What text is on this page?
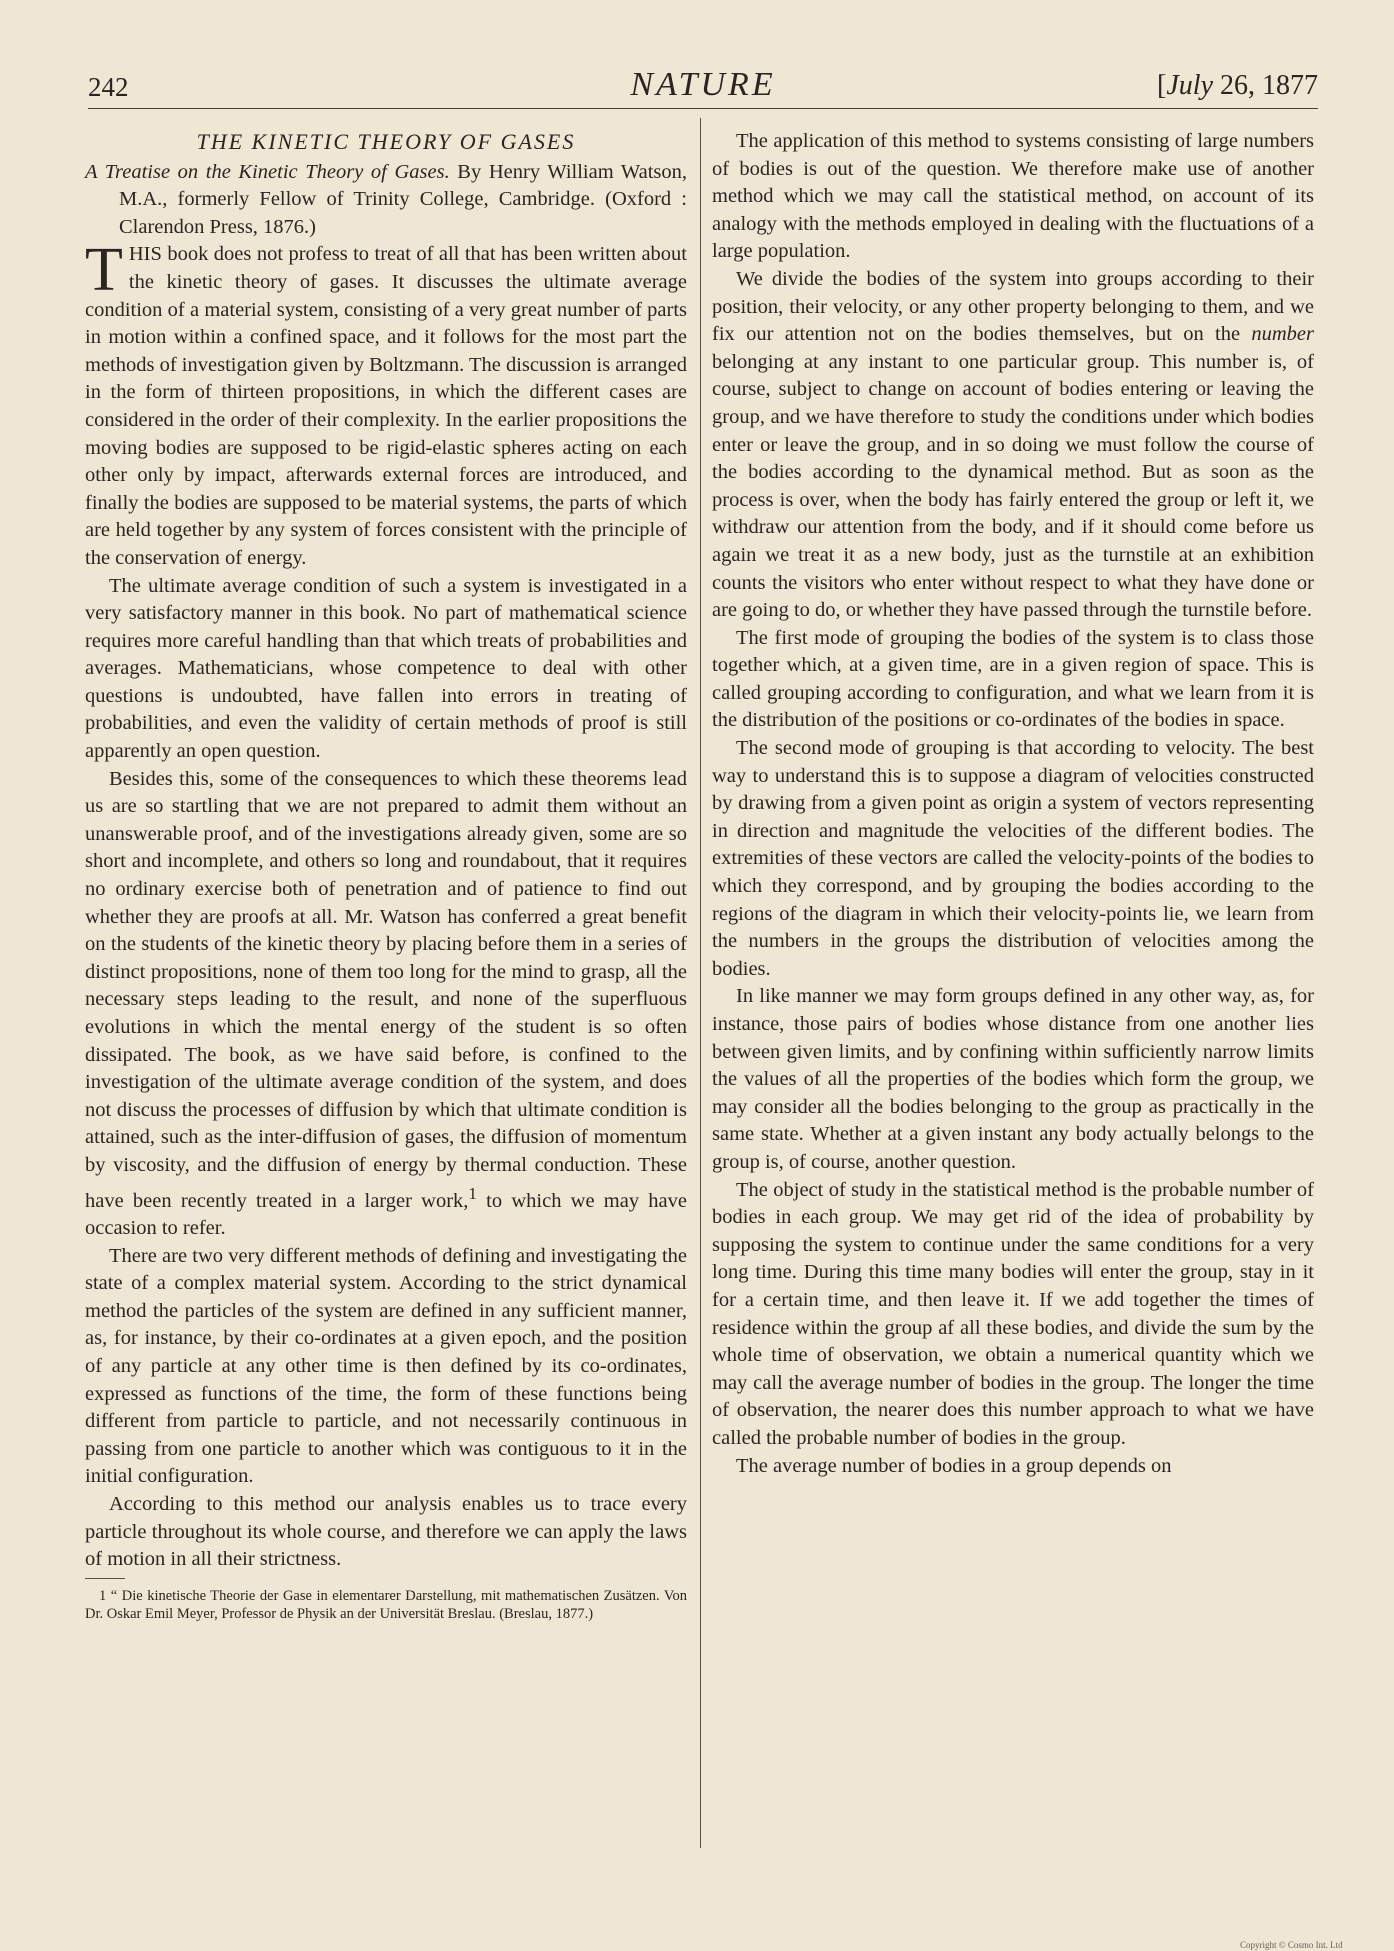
242	NATURE	[July 26, 1877
THE KINETIC THEORY OF GASES
A Treatise on the Kinetic Theory of Gases. By Henry William Watson, M.A., formerly Fellow of Trinity College, Cambridge. (Oxford : Clarendon Press, 1876.)

THIS book does not profess to treat of all that has been written about the kinetic theory of gases. It discusses the ultimate average condition of a material system, consisting of a very great number of parts in motion within a confined space, and it follows for the most part the methods of investigation given by Boltzmann. The discussion is arranged in the form of thirteen propositions, in which the different cases are considered in the order of their complexity. In the earlier propositions the moving bodies are supposed to be rigid-elastic spheres acting on each other only by impact, afterwards external forces are introduced, and finally the bodies are supposed to be material systems, the parts of which are held together by any system of forces consistent with the principle of the conservation of energy.

The ultimate average condition of such a system is investigated in a very satisfactory manner in this book. No part of mathematical science requires more careful handling than that which treats of probabilities and averages. Mathematicians, whose competence to deal with other questions is undoubted, have fallen into errors in treating of probabilities, and even the validity of certain methods of proof is still apparently an open question.

Besides this, some of the consequences to which these theorems lead us are so startling that we are not prepared to admit them without an unanswerable proof, and of the investigations already given, some are so short and incomplete, and others so long and roundabout, that it requires no ordinary exercise both of penetration and of patience to find out whether they are proofs at all. Mr. Watson has conferred a great benefit on the students of the kinetic theory by placing before them in a series of distinct propositions, none of them too long for the mind to grasp, all the necessary steps leading to the result, and none of the superfluous evolutions in which the mental energy of the student is so often dissipated. The book, as we have said before, is confined to the investigation of the ultimate average condition of the system, and does not discuss the processes of diffusion by which that ultimate condition is attained, such as the inter-diffusion of gases, the diffusion of momentum by viscosity, and the diffusion of energy by thermal conduction. These have been recently treated in a larger work,$^1$ to which we may have occasion to refer.

There are two very different methods of defining and investigating the state of a complex material system. According to the strict dynamical method the particles of the system are defined in any sufficient manner, as, for instance, by their co-ordinates at a given epoch, and the position of any particle at any other time is then defined by its co-ordinates, expressed as functions of the time, the form of these functions being different from particle to particle, and not necessarily continuous in passing from one particle to another which was contiguous to it in the initial configuration.

According to this method our analysis enables us to trace every particle throughout its whole course, and therefore we can apply the laws of motion in all their strictness.

1 “ Die kinetische Theorie der Gase in elementarer Darstellung, mit mathematischen Zusätzen. Von Dr. Oskar Emil Meyer, Professor de Physik an der Universität Breslau. (Breslau, 1877.)

The application of this method to systems consisting of large numbers of bodies is out of the question. We therefore make use of another method which we may call the statistical method, on account of its analogy with the methods employed in dealing with the fluctuations of a large population.

We divide the bodies of the system into groups according to their position, their velocity, or any other property belonging to them, and we fix our attention not on the bodies themselves, but on the number belonging at any instant to one particular group. This number is, of course, subject to change on account of bodies entering or leaving the group, and we have therefore to study the conditions under which bodies enter or leave the group, and in so doing we must follow the course of the bodies according to the dynamical method. But as soon as the process is over, when the body has fairly entered the group or left it, we withdraw our attention from the body, and if it should come before us again we treat it as a new body, just as the turnstile at an exhibition counts the visitors who enter without respect to what they have done or are going to do, or whether they have passed through the turnstile before.

The first mode of grouping the bodies of the system is to class those together which, at a given time, are in a given region of space. This is called grouping according to configuration, and what we learn from it is the distribution of the positions or co-ordinates of the bodies in space.

The second mode of grouping is that according to velocity. The best way to understand this is to suppose a diagram of velocities constructed by drawing from a given point as origin a system of vectors representing in direction and magnitude the velocities of the different bodies. The extremities of these vectors are called the velocity-points of the bodies to which they correspond, and by grouping the bodies according to the regions of the diagram in which their velocity-points lie, we learn from the numbers in the groups the distribution of velocities among the bodies.

In like manner we may form groups defined in any other way, as, for instance, those pairs of bodies whose distance from one another lies between given limits, and by confining within sufficiently narrow limits the values of all the properties of the bodies which form the group, we may consider all the bodies belonging to the group as practically in the same state. Whether at a given instant any body actually belongs to the group is, of course, another question.

The object of study in the statistical method is the probable number of bodies in each group. We may get rid of the idea of probability by supposing the system to continue under the same conditions for a very long time. During this time many bodies will enter the group, stay in it for a certain time, and then leave it. If we add together the times of residence within the group af all these bodies, and divide the sum by the whole time of observation, we obtain a numerical quantity which we may call the average number of bodies in the group. The longer the time of observation, the nearer does this number approach to what we have called the probable number of bodies in the group.

The average number of bodies in a group depends on

Copyright © Cosmo Int. Ltd
